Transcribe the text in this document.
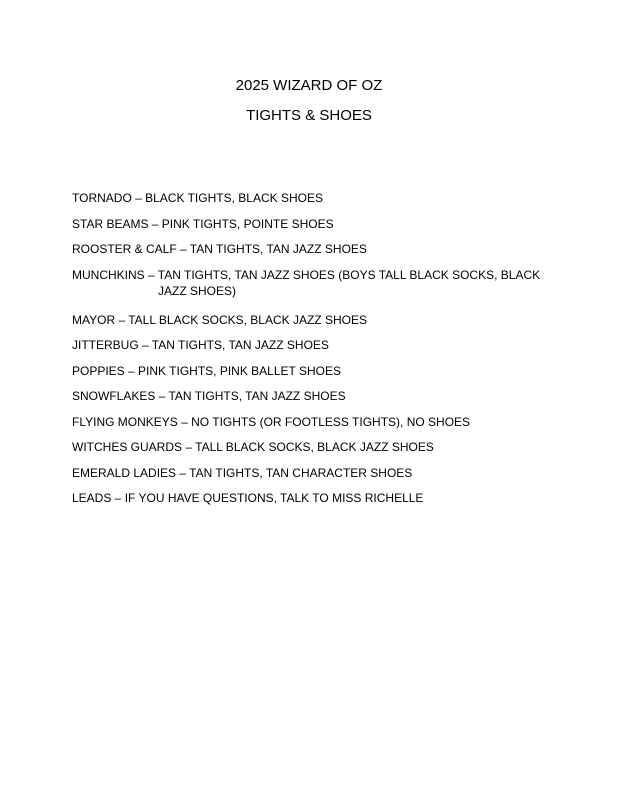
2025 WIZARD OF OZ
TIGHTS & SHOES
TORNADO – BLACK TIGHTS, BLACK SHOES
STAR BEAMS – PINK TIGHTS, POINTE SHOES
ROOSTER & CALF – TAN TIGHTS, TAN JAZZ SHOES
MUNCHKINS – TAN TIGHTS, TAN JAZZ SHOES (BOYS TALL BLACK SOCKS, BLACK
JAZZ SHOES)
MAYOR – TALL BLACK SOCKS, BLACK JAZZ SHOES
JITTERBUG – TAN TIGHTS, TAN JAZZ SHOES
POPPIES – PINK TIGHTS, PINK BALLET SHOES
SNOWFLAKES – TAN TIGHTS, TAN JAZZ SHOES
FLYING MONKEYS – NO TIGHTS (OR FOOTLESS TIGHTS), NO SHOES
WITCHES GUARDS – TALL BLACK SOCKS, BLACK JAZZ SHOES
EMERALD LADIES – TAN TIGHTS, TAN CHARACTER SHOES
LEADS – IF YOU HAVE QUESTIONS, TALK TO MISS RICHELLE
